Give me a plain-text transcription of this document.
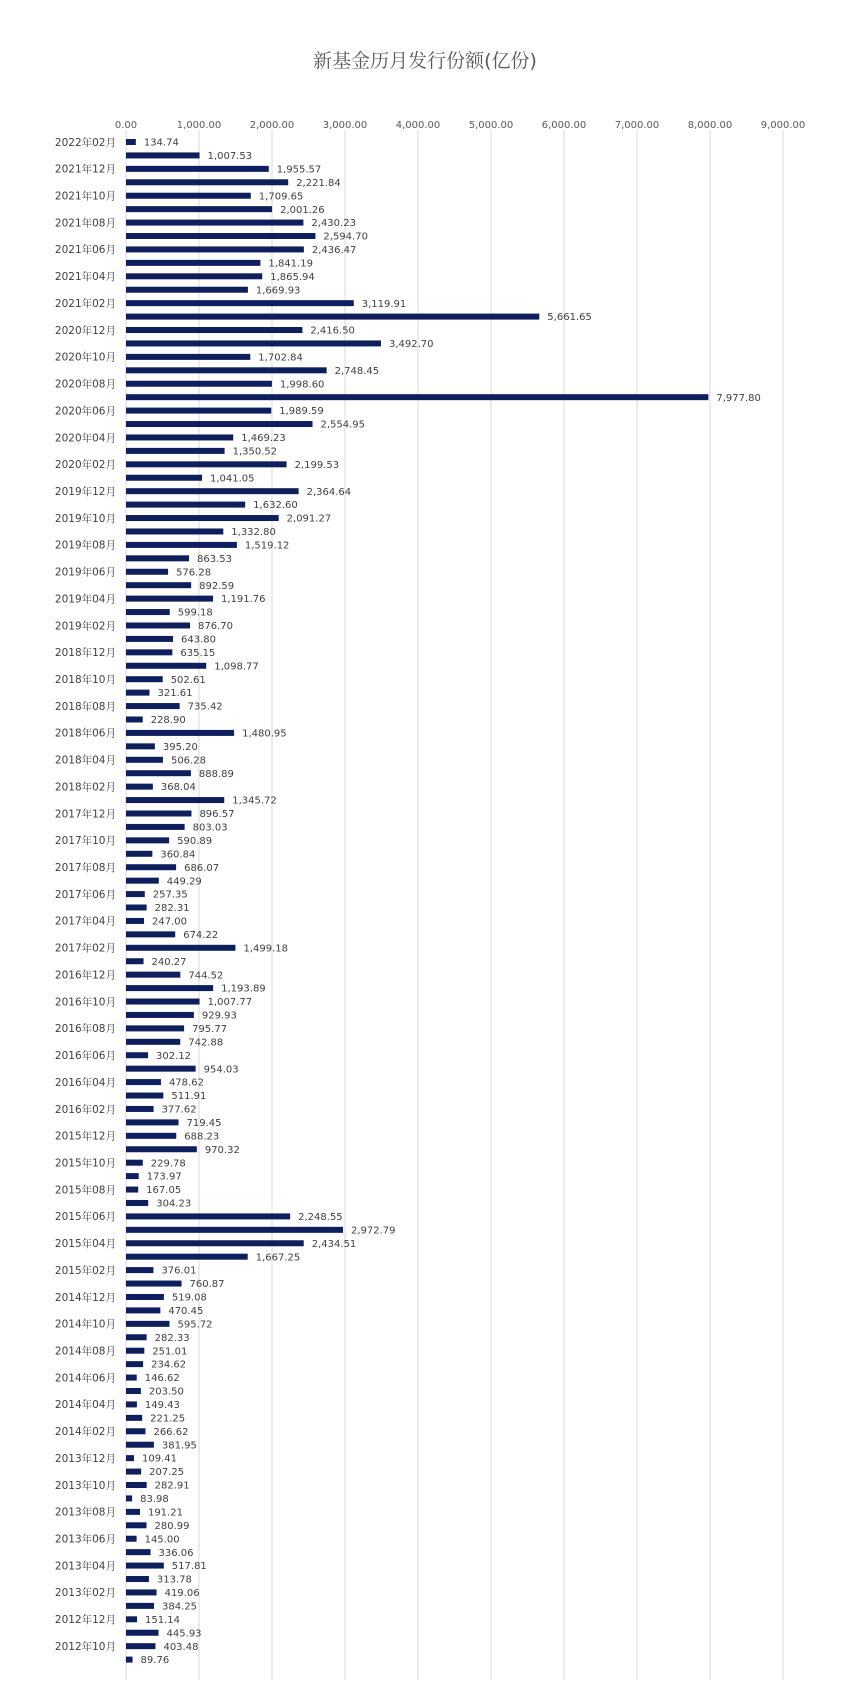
新基金历月发行份额(亿份)
0.00	1,000.00	2,000.00	3,000.00	4,000.00	5,000.00	6,000.00	7,000.00	8,000.00	9,000.00
134.74
2022年02月
1,007.53
1,955.57
2021年12月
2,221.84
1,709.65
2021年10月
2,001.26
2,430.23
2021年08月
2,594.70
2,436.47
2021年06月
1,841.19
1,865.94
2021年04月
1,669.93
3,119.91
2021年02月
5,661.65
2,416.50
2020年12月
3,492.70
1,702.84
2020年10月
2,748.45
1,998.60
2020年08月
7,977.80
1,989.59
2020年06月
2,554.95
1,469.23
2020年04月
1,350.52
2,199.53
2020年02月
1,041.05
2,364.64
2019年12月
1,632.60
2,091.27
2019年10月
1,332.80
1,519.12
2019年08月
863.53
576.28
2019年06月
892.59
1,191.76
2019年04月
599.18
876.70
2019年02月
643.80
635.15
2018年12月
1,098.77
502.61
2018年10月
321.61
735.42
2018年08月
228.90
1,480.95
2018年06月
395.20
506.28
2018年04月
888.89
368.04
2018年02月
1,345.72
896.57
2017年12月
803.03
590.89
2017年10月
360.84
686.07
2017年08月
449.29
257.35
2017年06月
282.31
247.00
2017年04月
674.22
1,499.18
2017年02月
240.27
744.52
2016年12月
1,193.89
1,007.77
2016年10月
929.93
795.77
2016年08月
742.88
302.12
2016年06月
954.03
478.62
2016年04月
511.91
377.62
2016年02月
719.45
688.23
2015年12月
970.32
229.78
2015年10月
173.97
167.05
2015年08月
304.23
2,248.55
2015年06月
2,972.79
2,434.51
2015年04月
1,667.25
376.01
2015年02月
760.87
519.08
2014年12月
470.45
595.72
2014年10月
282.33
251.01
2014年08月
234.62
146.62
2014年06月
203.50
149.43
2014年04月
221.25
266.62
2014年02月
381.95
109.41
2013年12月
207.25
282.91
2013年10月
83.98
191.21
2013年08月
280.99
145.00
2013年06月
336.06
517.81
2013年04月
313.78
419.06
2013年02月
384.25
151.14
2012年12月
445.93
403.48
2012年10月
89.76
